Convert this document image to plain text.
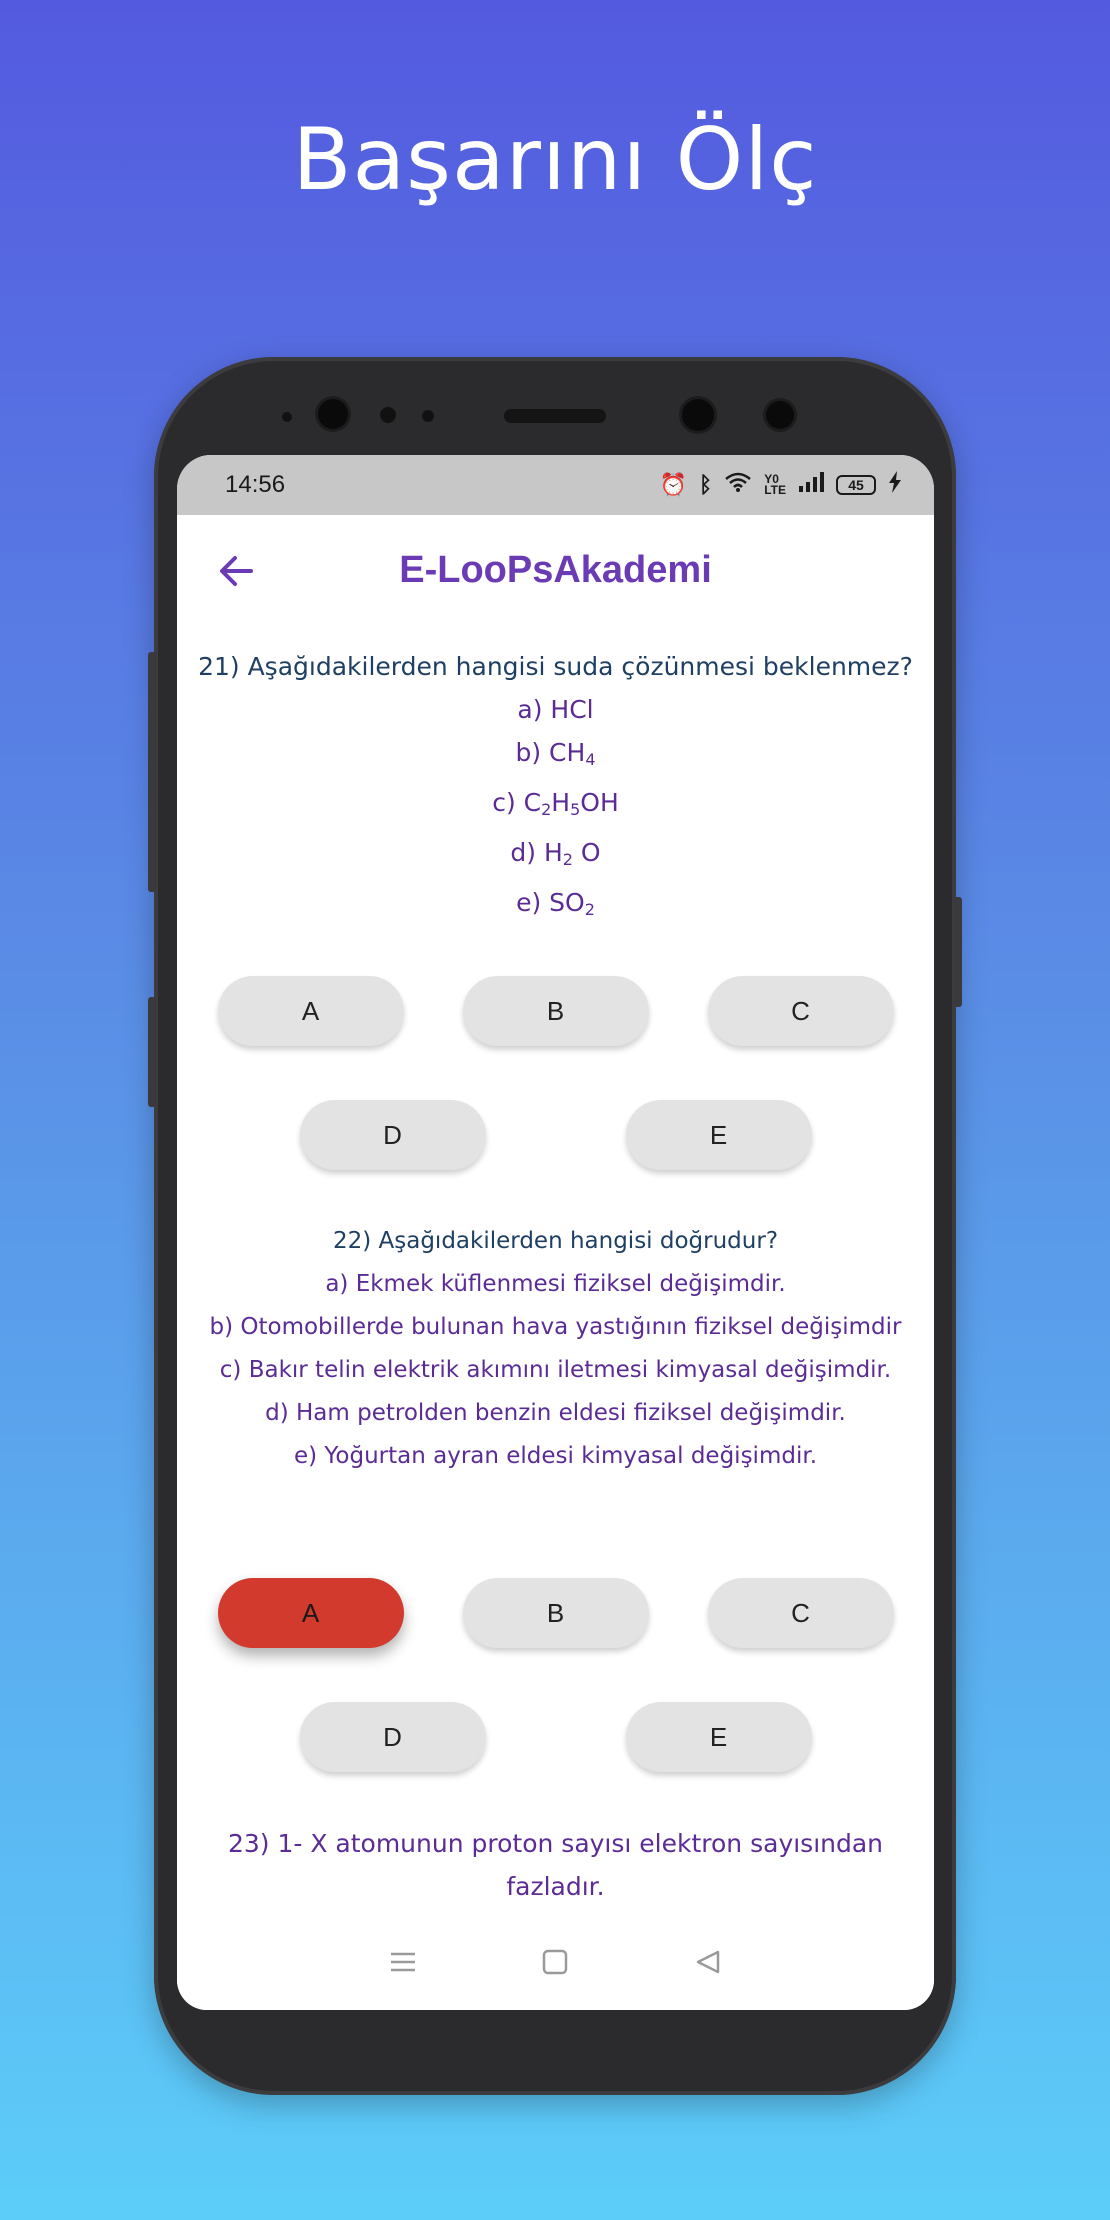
Başarını Ölç
14:56	⏰ ᛒ	Y0
LTE	45
E-LooPsAkademi
21) Aşağıdakilerden hangisi suda çözünmesi beklenmez?
a) HCl
b) $CH_4$
c) $C_2H_5OH$
d) $H_2$ O
e) $SO_2$
A	B	C
D	E
22) Aşağıdakilerden hangisi doğrudur?
a) Ekmek küflenmesi fiziksel değişimdir.
b) Otomobillerde bulunan hava yastığının fiziksel değişimdir
c) Bakır telin elektrik akımını iletmesi kimyasal değişimdir.
d) Ham petrolden benzin eldesi fiziksel değişimdir.
e) Yoğurtan ayran eldesi kimyasal değişimdir.
A	B	C
D	E
23) 1- X atomunun proton sayısı elektron sayısından
fazladır.
